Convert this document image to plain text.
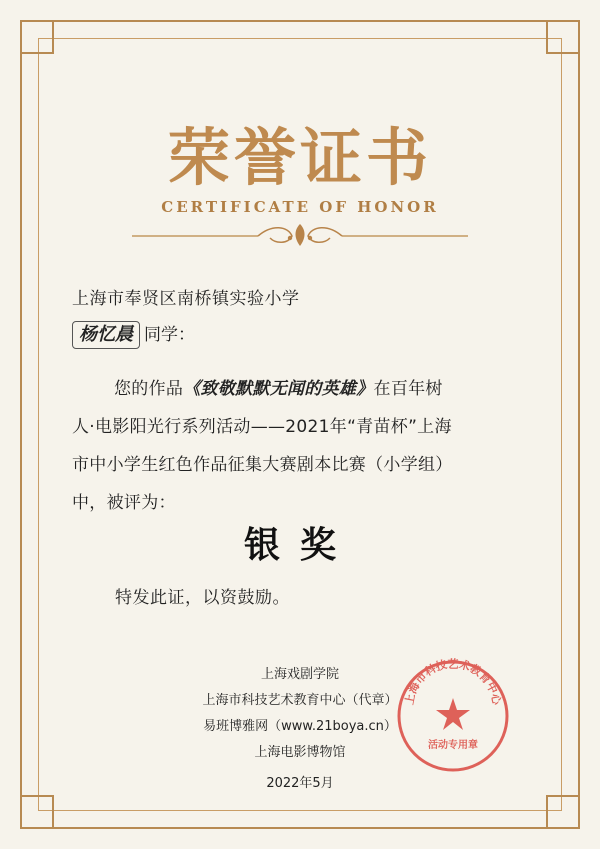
荣誉证书
CERTIFICATE OF HONOR
上海市奉贤区南桥镇实验小学
杨忆晨 同学：
您的作品《致敬默默无闻的英雄》在百年树
人·电影阳光行系列活动——2021年“青苗杯”上海
市中小学生红色作品征集大赛剧本比赛（小学组）
中，被评为：
银奖
特发此证，以资鼓励。
上海戏剧学院
上海市科技艺术教育中心（代章）
易班博雅网（www.21boya.cn）
上海电影博物馆
2022年5月
上海市科技艺术教育中心
活动专用章
